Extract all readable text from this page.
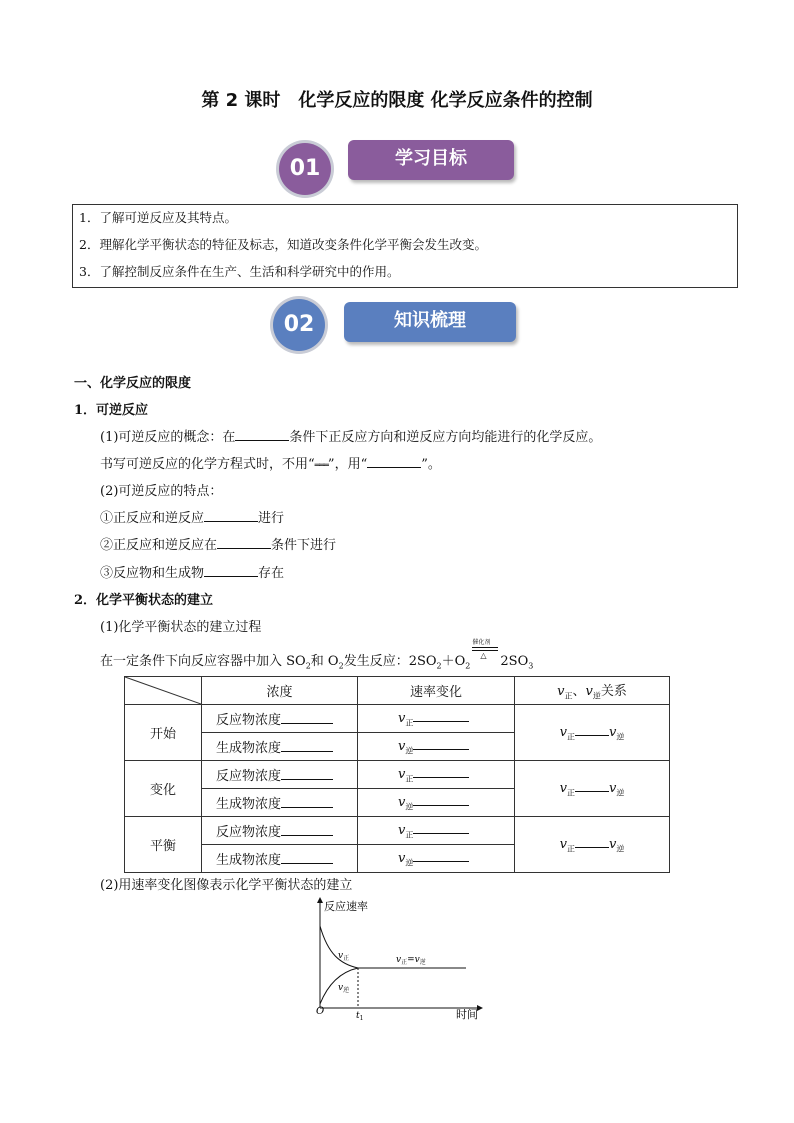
第 2 课时 化学反应的限度 化学反应条件的控制
01	学习目标
1．了解可逆反应及其特点。
2．理解化学平衡状态的特征及标志，知道改变条件化学平衡会发生改变。
3．了解控制反应条件在生产、生活和科学研究中的作用。
02	知识梳理
一、化学反应的限度
1．可逆反应
(1)可逆反应的概念：在	条件下正反应方向和逆反应方向均能进行的化学反应。
书写可逆反应的化学方程式时，不用“═══”，用“	”。
(2)可逆反应的特点：
①正反应和逆反应	进行
②正反应和逆反应在	条件下进行
③反应物和生成物	存在
2．化学平衡状态的建立
(1)化学平衡状态的建立过程
在一定条件下向反应容器中加入 $SO_2$和 $O_2$发生反应：$2SO_2+O_2$
催化剂
△ $2SO_3$
	浓度	速率变化	$v_正$、$v_逆$关系
开始	反应物浓度	$v_正$	$v_正$ $v_逆$
	生成物浓度	$v_逆$
变化	反应物浓度	$v_正$	$v_正$ $v_逆$
	生成物浓度	$v_逆$
平衡	反应物浓度	$v_正$	$v_正$ $v_逆$
	生成物浓度	$v_逆$
(2)用速率变化图像表示化学平衡状态的建立
反应速率
时间
O	$t_1$
$v_正$
$v_逆$
$v_正=v_逆$
